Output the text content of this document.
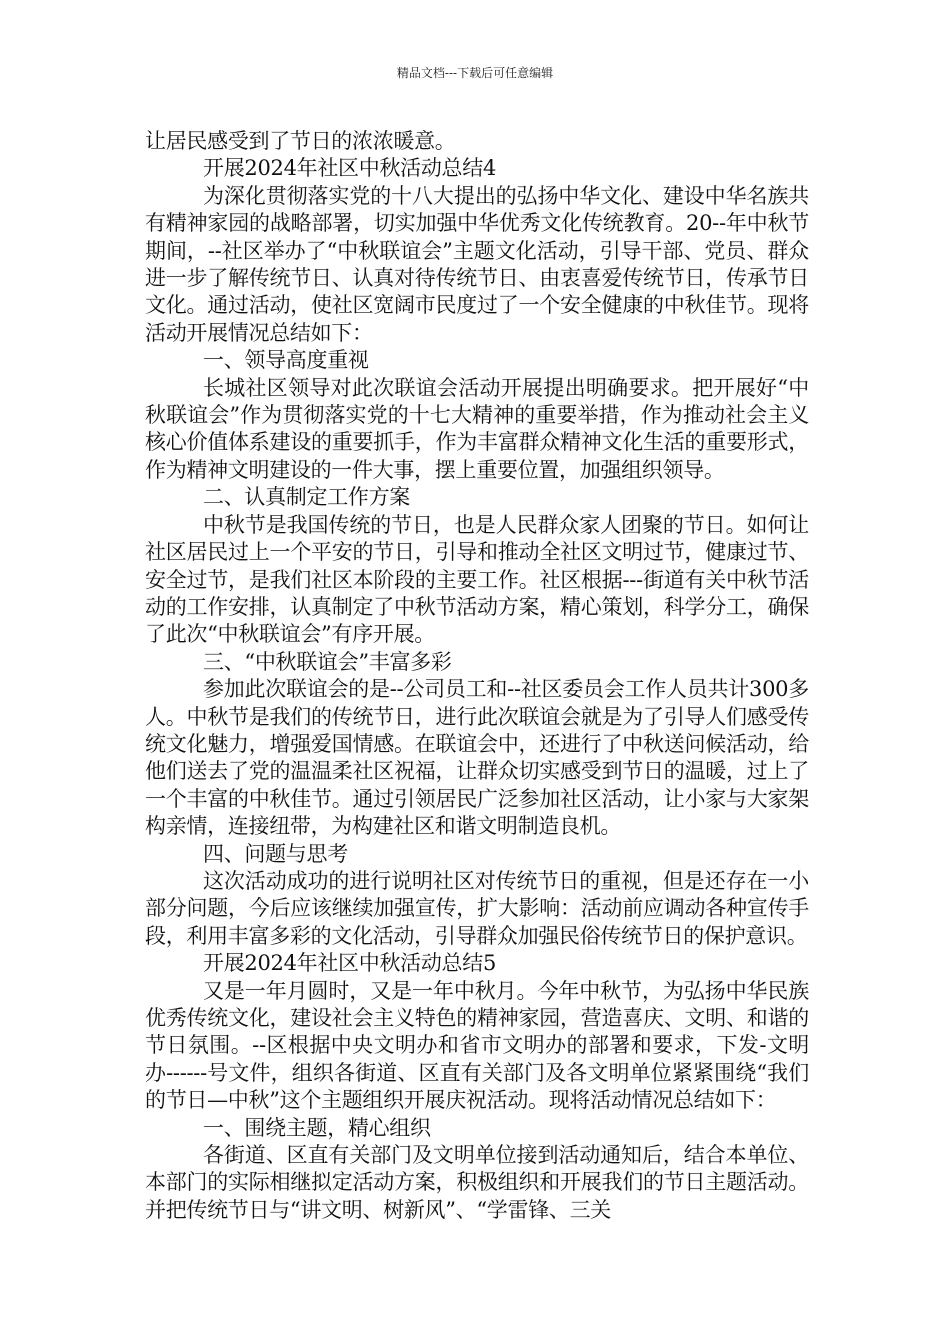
精品文档---下载后可任意编辑

让居民感受到了节日的浓浓暖意。

开展2024年社区中秋活动总结4

为深化贯彻落实党的十八大提出的弘扬中华文化、建设中华名族共有精神家园的战略部署，切实加强中华优秀文化传统教育。20--年中秋节期间，--社区举办了“中秋联谊会”主题文化活动，引导干部、党员、群众进一步了解传统节日、认真对待传统节日、由衷喜爱传统节日，传承节日文化。通过活动，使社区宽阔市民度过了一个安全健康的中秋佳节。现将活动开展情况总结如下：

一、领导高度重视

长城社区领导对此次联谊会活动开展提出明确要求。把开展好“中秋联谊会”作为贯彻落实党的十七大精神的重要举措，作为推动社会主义核心价值体系建设的重要抓手，作为丰富群众精神文化生活的重要形式，作为精神文明建设的一件大事，摆上重要位置，加强组织领导。

二、认真制定工作方案

中秋节是我国传统的节日，也是人民群众家人团聚的节日。如何让社区居民过上一个平安的节日，引导和推动全社区文明过节，健康过节、安全过节，是我们社区本阶段的主要工作。社区根据---街道有关中秋节活动的工作安排，认真制定了中秋节活动方案，精心策划，科学分工，确保了此次“中秋联谊会”有序开展。

三、“中秋联谊会”丰富多彩

参加此次联谊会的是--公司员工和--社区委员会工作人员共计300多人。中秋节是我们的传统节日，进行此次联谊会就是为了引导人们感受传统文化魅力，增强爱国情感。在联谊会中，还进行了中秋送问候活动，给他们送去了党的温温柔社区祝福，让群众切实感受到节日的温暖，过上了一个丰富的中秋佳节。通过引领居民广泛参加社区活动，让小家与大家架构亲情，连接纽带，为构建社区和谐文明制造良机。

四、问题与思考

这次活动成功的进行说明社区对传统节日的重视，但是还存在一小部分问题，今后应该继续加强宣传，扩大影响：活动前应调动各种宣传手段，利用丰富多彩的文化活动，引导群众加强民俗传统节日的保护意识。

开展2024年社区中秋活动总结5

又是一年月圆时，又是一年中秋月。今年中秋节，为弘扬中华民族优秀传统文化，建设社会主义特色的精神家园，营造喜庆、文明、和谐的节日氛围。--区根据中央文明办和省市文明办的部署和要求，下发-文明办------号文件，组织各街道、区直有关部门及各文明单位紧紧围绕“我们的节日—中秋”这个主题组织开展庆祝活动。现将活动情况总结如下：

一、围绕主题，精心组织

各街道、区直有关部门及文明单位接到活动通知后，结合本单位、本部门的实际相继拟定活动方案，积极组织和开展我们的节日主题活动。并把传统节日与“讲文明、树新风”、“学雷锋、三关
